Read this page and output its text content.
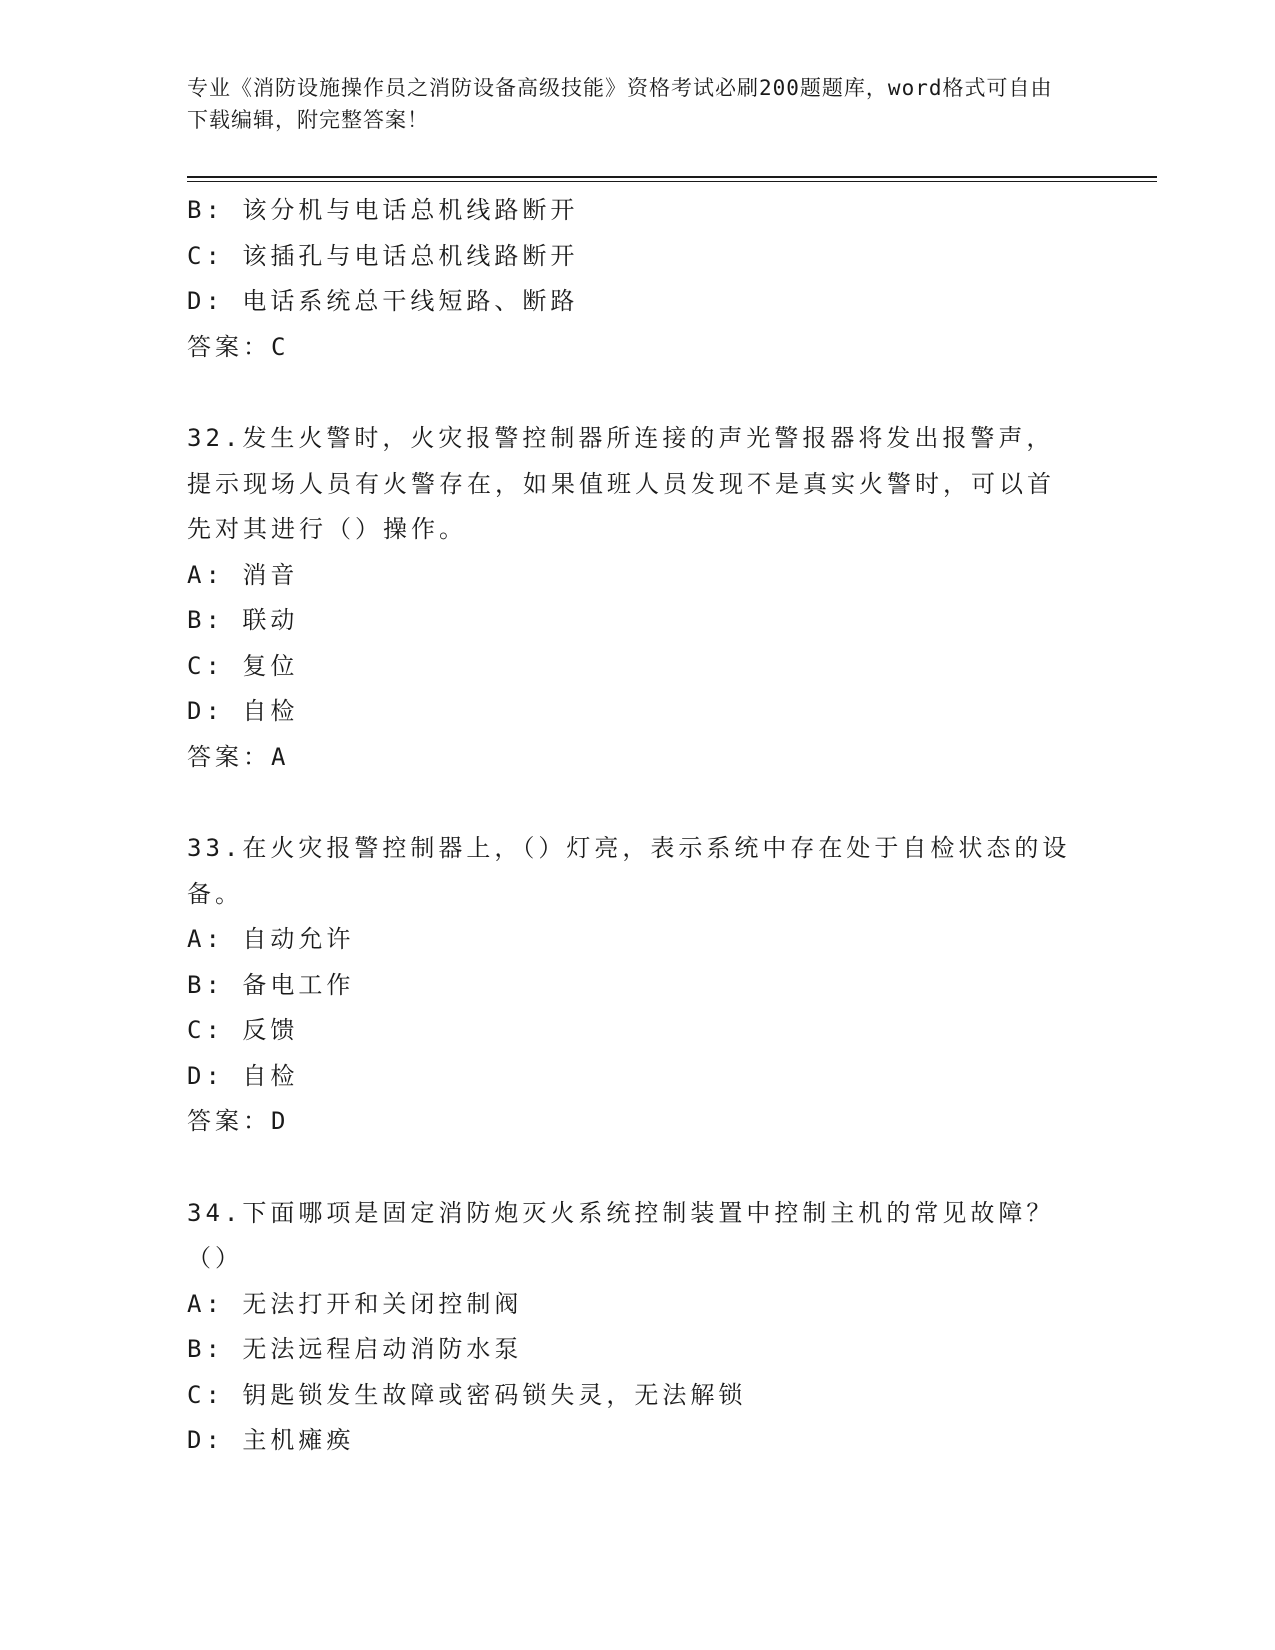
专业《消防设施操作员之消防设备高级技能》资格考试必刷200题题库，word格式可自由下载编辑，附完整答案！
B: 该分机与电话总机线路断开
C: 该插孔与电话总机线路断开
D: 电话系统总干线短路、断路
答案：C
32.发生火警时，火灾报警控制器所连接的声光警报器将发出报警声，提示现场人员有火警存在，如果值班人员发现不是真实火警时，可以首先对其进行（）操作。
A: 消音
B: 联动
C: 复位
D: 自检
答案：A
33.在火灾报警控制器上，（）灯亮，表示系统中存在处于自检状态的设备。
A: 自动允许
B: 备电工作
C: 反馈
D: 自检
答案：D
34.下面哪项是固定消防炮灭火系统控制装置中控制主机的常见故障？（）
A: 无法打开和关闭控制阀
B: 无法远程启动消防水泵
C: 钥匙锁发生故障或密码锁失灵，无法解锁
D: 主机瘫痪
